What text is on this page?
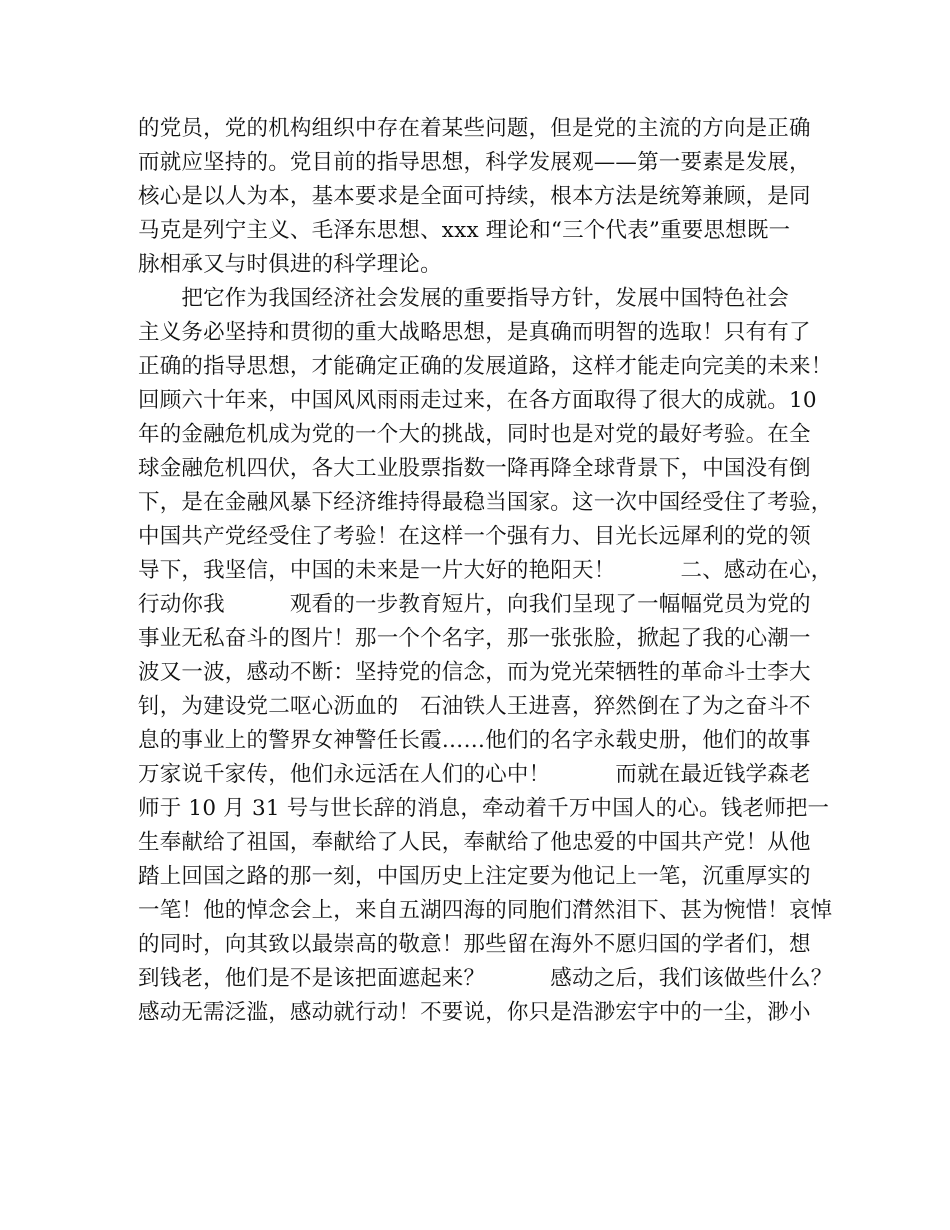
的党员，党的机构组织中存在着某些问题，但是党的主流的方向是正确
而就应坚持的。党目前的指导思想，科学发展观——第一要素是发展，
核心是以人为本，基本要求是全面可持续，根本方法是统筹兼顾，是同
马克是列宁主义、毛泽东思想、xxx 理论和“三个代表”重要思想既一
脉相承又与时俱进的科学理论。
　　把它作为我国经济社会发展的重要指导方针，发展中国特色社会
主义务必坚持和贯彻的重大战略思想，是真确而明智的选取！只有有了
正确的指导思想，才能确定正确的发展道路，这样才能走向完美的未来！
回顾六十年来，中国风风雨雨走过来，在各方面取得了很大的成就。10
年的金融危机成为党的一个大的挑战，同时也是对党的最好考验。在全
球金融危机四伏，各大工业股票指数一降再降全球背景下，中国没有倒
下，是在金融风暴下经济维持得最稳当国家。这一次中国经受住了考验，
中国共产党经受住了考验！在这样一个强有力、目光长远犀利的党的领
导下，我坚信，中国的未来是一片大好的艳阳天！　　　二、感动在心，
行动你我　　　观看的一步教育短片，向我们呈现了一幅幅党员为党的
事业无私奋斗的图片！那一个个名字，那一张张脸，掀起了我的心潮一
波又一波，感动不断：坚持党的信念，而为党光荣牺牲的革命斗士李大
钊，为建设党二呕心沥血的　石油铁人王进喜，猝然倒在了为之奋斗不
息的事业上的警界女神警任长霞……他们的名字永载史册，他们的故事
万家说千家传，他们永远活在人们的心中！　　　而就在最近钱学森老
师于 10 月 31 号与世长辞的消息，牵动着千万中国人的心。钱老师把一
生奉献给了祖国，奉献给了人民，奉献给了他忠爱的中国共产党！从他
踏上回国之路的那一刻，中国历史上注定要为他记上一笔，沉重厚实的
一笔！他的悼念会上，来自五湖四海的同胞们潸然泪下、甚为惋惜！哀悼
的同时，向其致以最崇高的敬意！那些留在海外不愿归国的学者们，想
到钱老，他们是不是该把面遮起来？　　　感动之后，我们该做些什么？
感动无需泛滥，感动就行动！不要说，你只是浩渺宏宇中的一尘，渺小
